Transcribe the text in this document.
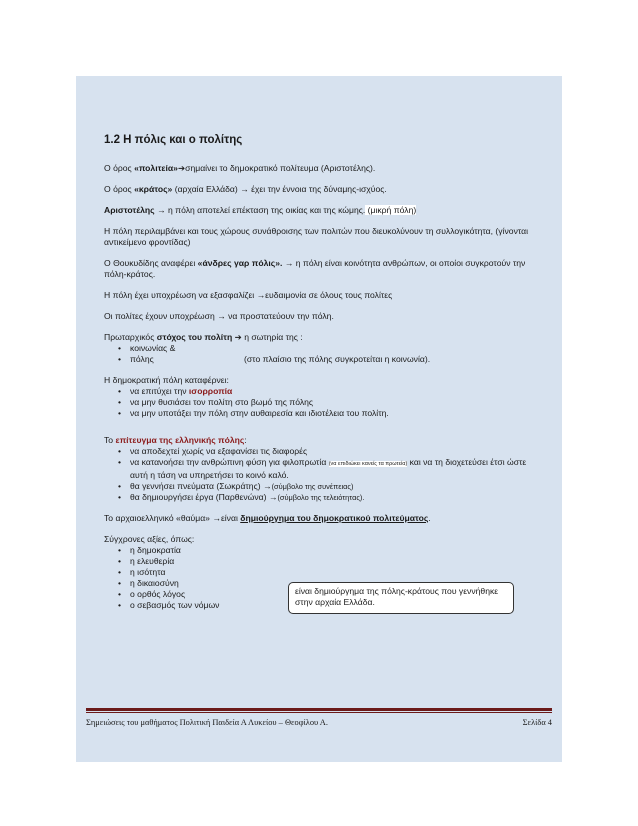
1.2 Η πόλις και ο πολίτης

Ο όρος «πολιτεία»➔σημαίνει το δημοκρατικό πολίτευμα (Αριστοτέλης).

Ο όρος «κράτος» (αρχαία Ελλάδα) → έχει την έννοια της δύναμης-ισχύος.

Αριστοτέλης → η πόλη αποτελεί επέκταση της οικίας και της κώμης. (μικρή πόλη)

Η πόλη περιλαμβάνει και τους χώρους συνάθροισης των πολιτών που διευκολύνουν τη συλλογικότητα, (γίνονται αντικείμενο φροντίδας)

Ο Θουκυδίδης αναφέρει «άνδρες γαρ πόλις». → η πόλη είναι κοινότητα ανθρώπων, οι οποίοι συγκροτούν την πόλη-κράτος.

Η πόλη έχει υποχρέωση να εξασφαλίζει →ευδαιμονία σε όλους τους πολίτες

Οι πολίτες έχουν υποχρέωση → να προστατεύουν την πόλη.

Πρωταρχικός στόχος του πολίτη ➔ η σωτηρία της :

• κοινωνίας &
• πόλης	(στο πλαίσιο της πόλης συγκροτείται η κοινωνία).

Η δημοκρατική πόλη καταφέρνει:

• να επιτύχει την ισορροπία
• να μην θυσιάσει τον πολίτη στο βωμό της πόλης
• να μην υποτάξει την πόλη στην αυθαιρεσία και ιδιοτέλεια του πολίτη.

Το επίτευγμα της ελληνικής πόλης:

• να αποδεχτεί χωρίς να εξαφανίσει τις διαφορές
• να κατανοήσει την ανθρώπινη φύση για φιλοπρωτία (να επιδιώκει κανείς τα πρωτεία) και να τη διοχετεύσει έτσι ώστε αυτή η τάση να υπηρετήσει το κοινό καλό.
• θα γεννήσει πνεύματα (Σωκράτης) →(σύμβολο της συνέπειας)
• θα δημιουργήσει έργα (Παρθενώνα) →(σύμβολο της τελειότητας).

Το αρχαιοελληνικό «θαύμα» →είναι δημιούργημα του δημοκρατικού πολιτεύματος.

Σύγχρονες αξίες, όπως:

• η δημοκρατία
• η ελευθερία
• η ισότητα
• η δικαιοσύνη
• ο ορθός λόγος
• ο σεβασμός των νόμων
είναι δημιούργημα της πόλης-κράτους που γεννήθηκε στην αρχαία Ελλάδα.
Σημειώσεις του μαθήματος Πολιτική Παιδεία Α Λυκείου – Θεοφίλου Α.	Σελίδα 4
